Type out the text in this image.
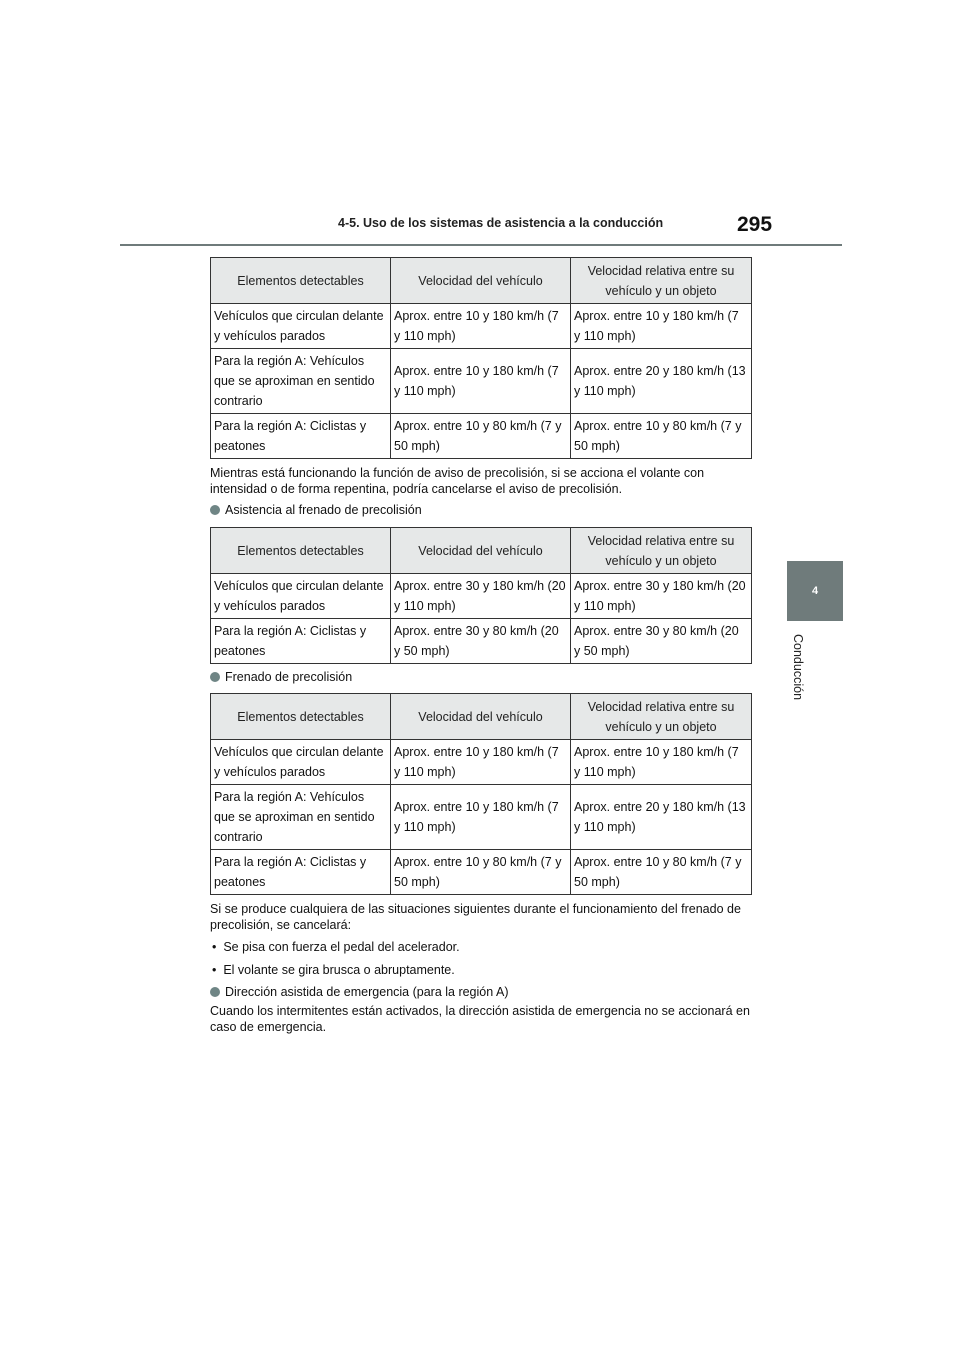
4-5. Uso de los sistemas de asistencia a la conducción	295
4
Conducción
Elementos detectables	Velocidad del vehículo	Velocidad relativa entre su vehículo y un objeto
Vehículos que circulan delante y vehículos parados	Aprox. entre 10 y 180 km/h (7 y 110 mph)	Aprox. entre 10 y 180 km/h (7 y 110 mph)
Para la región A: Vehículos que se aproximan en sentido contrario	Aprox. entre 10 y 180 km/h (7 y 110 mph)	Aprox. entre 20 y 180 km/h (13 y 110 mph)
Para la región A: Ciclistas y peatones	Aprox. entre 10 y 80 km/h (7 y 50 mph)	Aprox. entre 10 y 80 km/h (7 y 50 mph)
Mientras está funcionando la función de aviso de precolisión, si se acciona el volante con intensidad o de forma repentina, podría cancelarse el aviso de precolisión.
Asistencia al frenado de precolisión
Elementos detectables	Velocidad del vehículo	Velocidad relativa entre su vehículo y un objeto
Vehículos que circulan delante y vehículos parados	Aprox. entre 30 y 180 km/h (20 y 110 mph)	Aprox. entre 30 y 180 km/h (20 y 110 mph)
Para la región A: Ciclistas y peatones	Aprox. entre 30 y 80 km/h (20 y 50 mph)	Aprox. entre 30 y 80 km/h (20 y 50 mph)
Frenado de precolisión
Elementos detectables	Velocidad del vehículo	Velocidad relativa entre su vehículo y un objeto
Vehículos que circulan delante y vehículos parados	Aprox. entre 10 y 180 km/h (7 y 110 mph)	Aprox. entre 10 y 180 km/h (7 y 110 mph)
Para la región A: Vehículos que se aproximan en sentido contrario	Aprox. entre 10 y 180 km/h (7 y 110 mph)	Aprox. entre 20 y 180 km/h (13 y 110 mph)
Para la región A: Ciclistas y peatones	Aprox. entre 10 y 80 km/h (7 y 50 mph)	Aprox. entre 10 y 80 km/h (7 y 50 mph)
Si se produce cualquiera de las situaciones siguientes durante el funcionamiento del frenado de precolisión, se cancelará:
•  Se pisa con fuerza el pedal del acelerador.
•  El volante se gira brusca o abruptamente.
Dirección asistida de emergencia (para la región A)
Cuando los intermitentes están activados, la dirección asistida de emergencia no se accionará en caso de emergencia.
